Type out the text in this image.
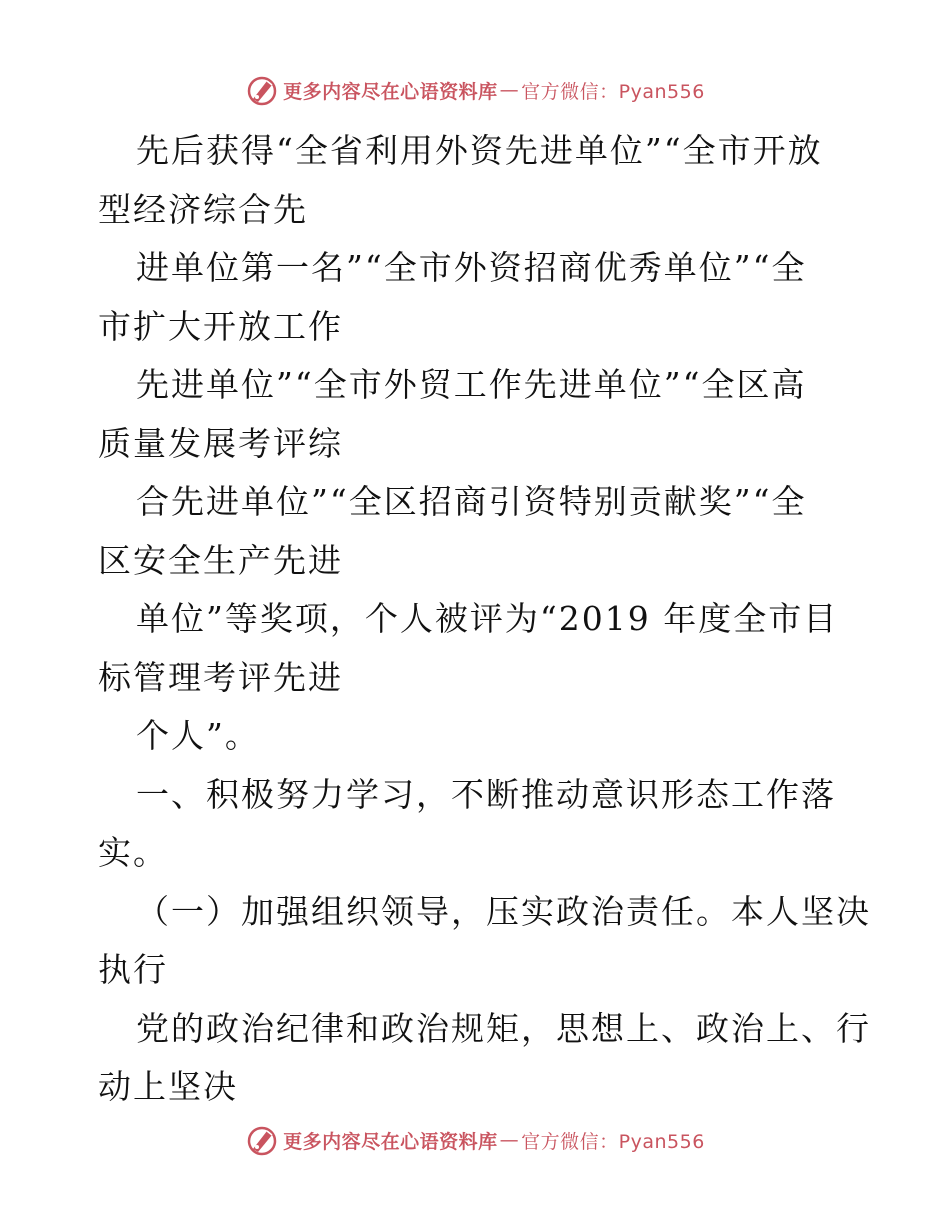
更多内容尽在心语资料库 — 官方微信：Pyan556
先后获得“全省利用外资先进单位”“全市开放
型经济综合先
进单位第一名”“全市外资招商优秀单位”“全
市扩大开放工作
先进单位”“全市外贸工作先进单位”“全区高
质量发展考评综
合先进单位”“全区招商引资特别贡献奖”“全
区安全生产先进
单位”等奖项，个人被评为“2019 年度全市目
标管理考评先进
个人”。
一、积极努力学习，不断推动意识形态工作落
实。
（一）加强组织领导，压实政治责任。本人坚决
执行
党的政治纪律和政治规矩，思想上、政治上、行
动上坚决
更多内容尽在心语资料库 — 官方微信：Pyan556
